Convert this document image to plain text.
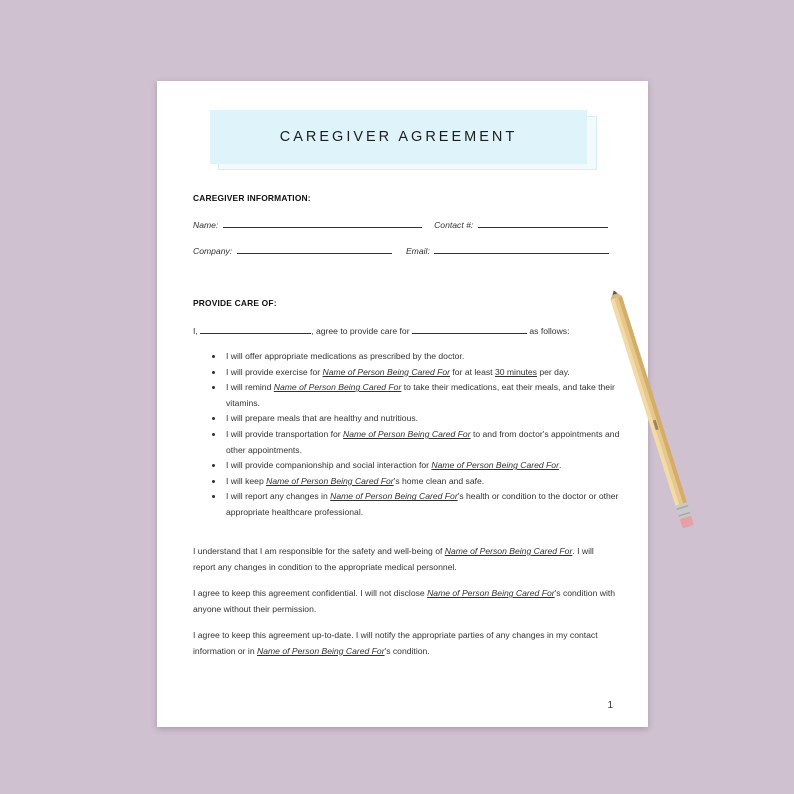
CAREGIVER AGREEMENT
CAREGIVER INFORMATION:
Name:	Contact #:
Company:	Email:
PROVIDE CARE OF:
I,	, agree to provide care for	as follows:
• I will offer appropriate medications as prescribed by the doctor.
• I will provide exercise for Name of Person Being Cared For for at least 30 minutes per day.
• I will remind Name of Person Being Cared For to take their medications, eat their meals, and take their vitamins.
• I will prepare meals that are healthy and nutritious.
• I will provide transportation for Name of Person Being Cared For to and from doctor's appointments and other appointments.
• I will provide companionship and social interaction for Name of Person Being Cared For.
• I will keep Name of Person Being Cared For's home clean and safe.
• I will report any changes in Name of Person Being Cared For's health or condition to the doctor or other appropriate healthcare professional.

I understand that I am responsible for the safety and well-being of Name of Person Being Cared For. I will report any changes in condition to the appropriate medical personnel.

I agree to keep this agreement confidential. I will not disclose Name of Person Being Cared For's condition with anyone without their permission.

I agree to keep this agreement up-to-date. I will notify the appropriate parties of any changes in my contact information or in Name of Person Being Cared For's condition.

1
